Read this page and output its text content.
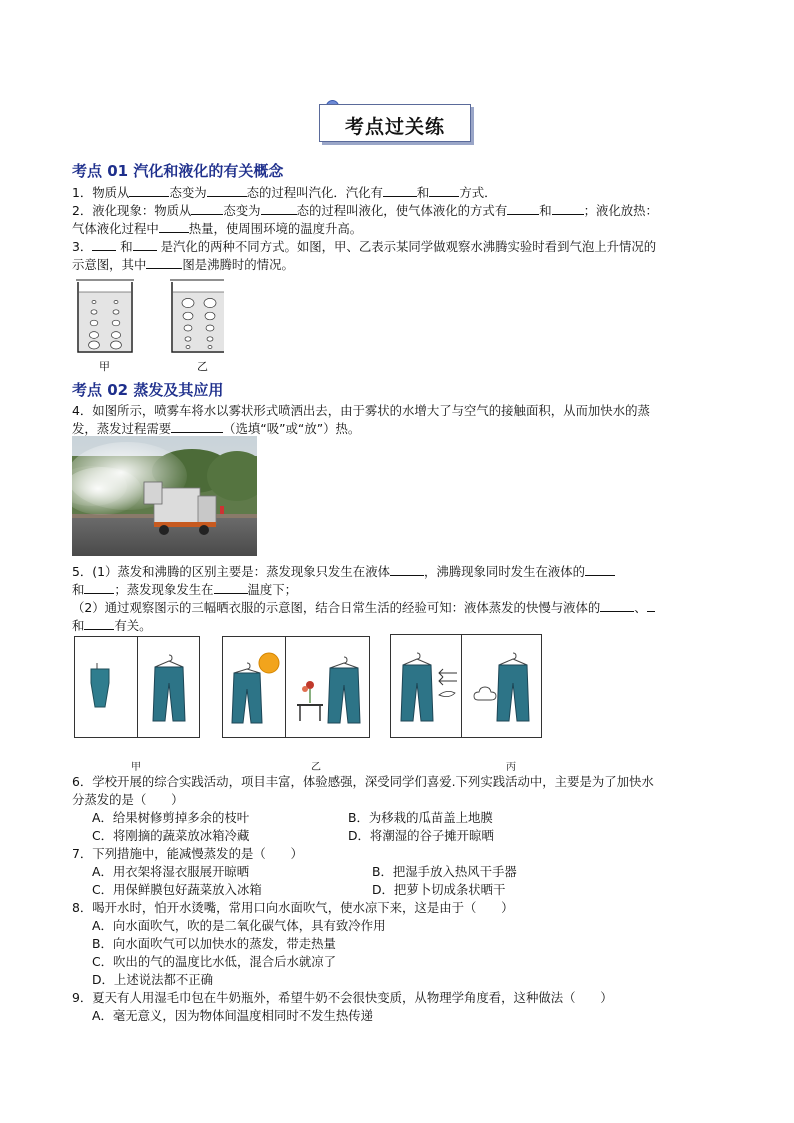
考点过关练
考点 01 汽化和液化的有关概念
1．物质从	态变为	态的过程叫汽化．汽化有	和 方式．
2．液化现象：物质从	态变为	态的过程叫液化，使气体液化的方式有	和	；液化放热：
气体液化过程中 热量，使周围环境的温度升高。
3． 和 是汽化的两种不同方式。如图，甲、乙表示某同学做观察水沸腾实验时看到气泡上升情况的
示意图，其中	图是沸腾时的情况。
甲	乙
考点 02 蒸发及其应用
4．如图所示，喷雾车将水以雾状形式喷洒出去，由于雾状的水增大了与空气的接触面积，从而加快水的蒸
发，蒸发过程需要	（选填“吸”或“放”）热。
5．(1）蒸发和沸腾的区别主要是：蒸发现象只发生在液体	，沸腾现象同时发生在液体的
和 ；蒸发现象发生在	温度下；
（2）通过观察图示的三幅晒衣服的示意图，结合日常生活的经验可知：液体蒸发的快慢与液体的	、
和 有关。
甲	乙	丙
6．学校开展的综合实践活动，项目丰富，体验感强，深受同学们喜爱.下列实践活动中，主要是为了加快水
分蒸发的是（　　）
A．给果树修剪掉多余的枝叶	B．为移栽的瓜苗盖上地膜
C．将刚摘的蔬菜放冰箱冷藏	D．将潮湿的谷子摊开晾晒
7．下列措施中，能减慢蒸发的是（　　）
A．用衣架将湿衣服展开晾晒	B．把湿手放入热风干手器
C．用保鲜膜包好蔬菜放入冰箱	D．把萝卜切成条状晒干
8．喝开水时，怕开水烫嘴，常用口向水面吹气，使水凉下来，这是由于（　　）
A．向水面吹气，吹的是二氧化碳气体，具有致冷作用
B．向水面吹气可以加快水的蒸发，带走热量
C．吹出的气的温度比水低，混合后水就凉了
D．上述说法都不正确
9．夏天有人用湿毛巾包在牛奶瓶外，希望牛奶不会很快变质，从物理学角度看，这种做法（　　）
A．毫无意义，因为物体间温度相同时不发生热传递
